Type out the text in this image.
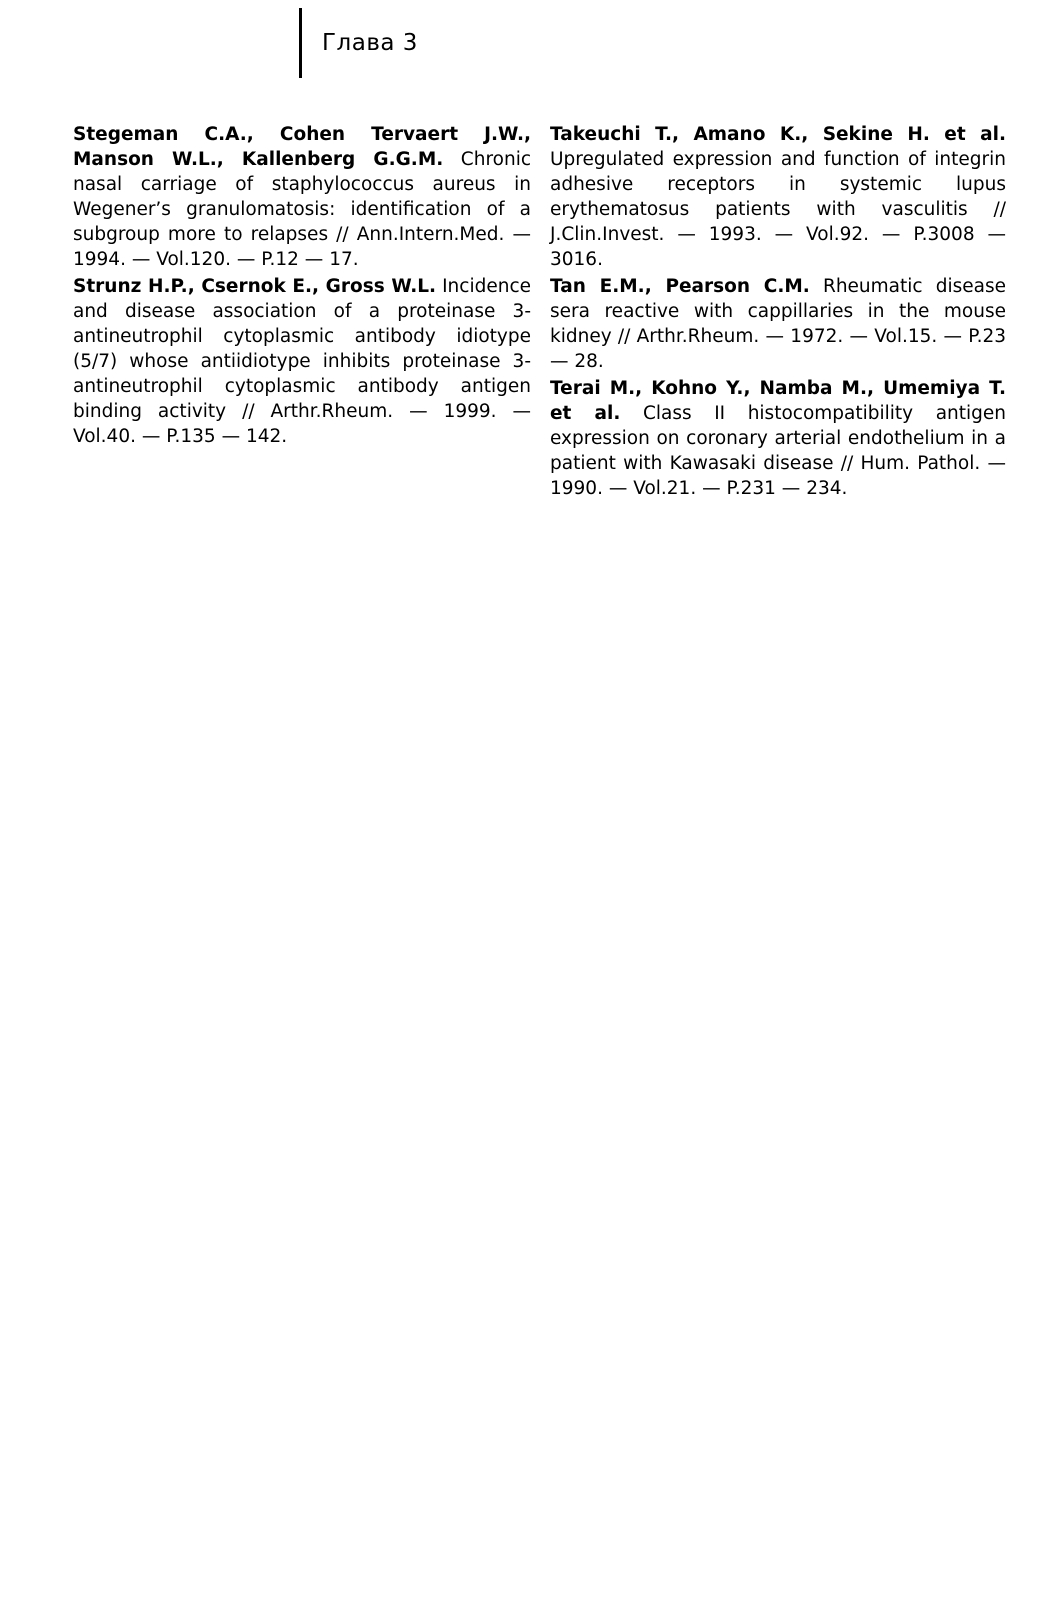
Глава 3

Stegeman C.A., Cohen Tervaert J.W., Manson W.L., Kallenberg G.G.M. Chronic nasal carriage of staphylococcus aureus in Wegener’s granulomatosis: identification of a subgroup more to relapses // Ann.Intern.Med. — 1994. — Vol.120. — P.12 — 17.

Strunz H.P., Csernok E., Gross W.L. Incidence and disease association of a proteinase 3-antineutrophil cytoplasmic antibody idiotype (5/7) whose antiidiotype inhibits proteinase 3-antineutrophil cytoplasmic antibody antigen binding activity // Arthr.Rheum. — 1999. — Vol.40. — P.135 — 142.

Takeuchi T., Amano K., Sekine H. et al. Upregulated expression and function of integrin adhesive receptors in systemic lupus erythematosus patients with vasculitis // J.Clin.Invest. — 1993. — Vol.92. — P.3008 — 3016.

Tan E.M., Pearson C.M. Rheumatic disease sera reactive with cappillaries in the mouse kidney // Arthr.Rheum. — 1972. — Vol.15. — P.23 — 28.

Terai M., Kohno Y., Namba M., Umemiya T. et al. Class II histocompatibility antigen expression on coronary arterial endothelium in a patient with Kawasaki disease // Hum. Pathol. — 1990. — Vol.21. — P.231 — 234.
